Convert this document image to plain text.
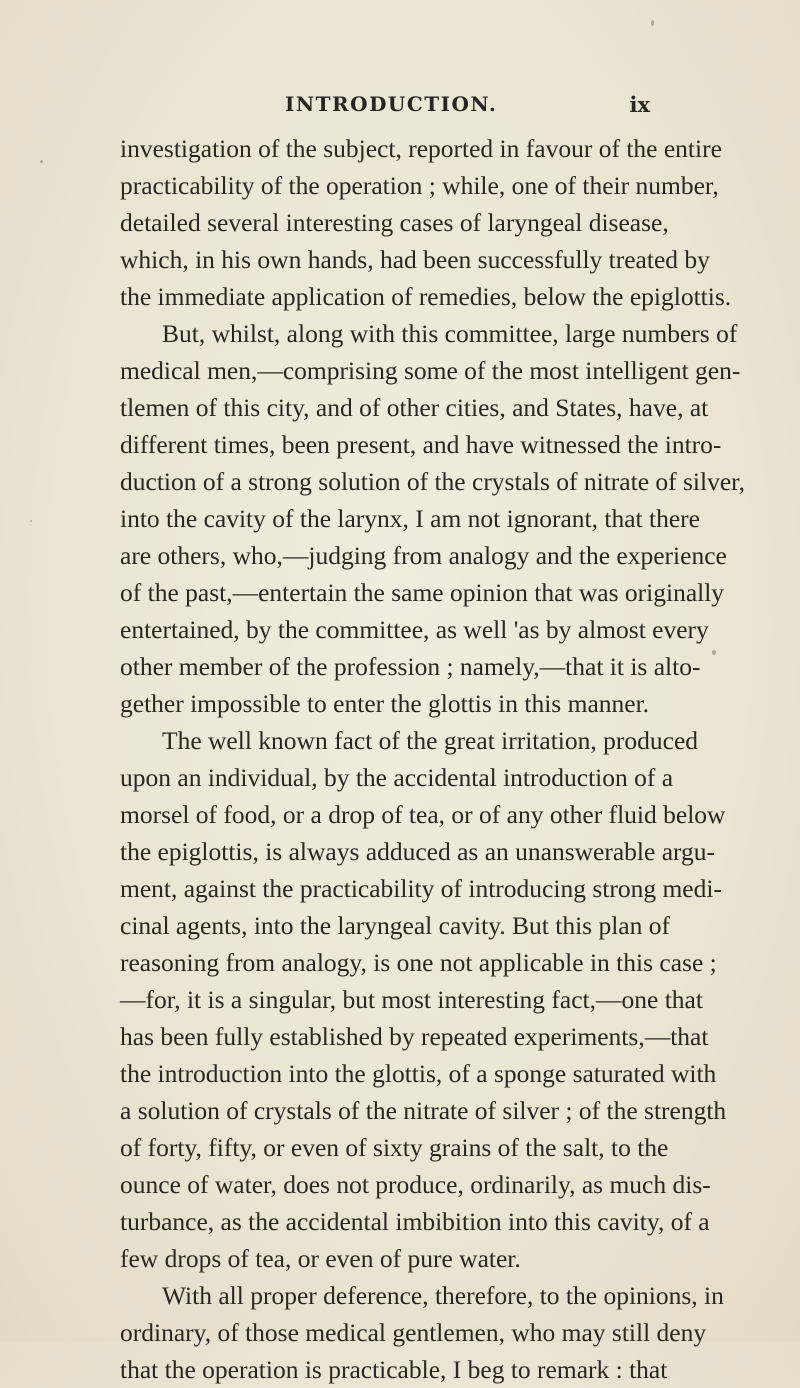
INTRODUCTION.	ix
investigation of the subject, reported in favour of the entire
practicability of the operation ; while, one of their number,
detailed several interesting cases of laryngeal disease,
which, in his own hands, had been successfully treated by
the immediate application of remedies, below the epiglottis.
But, whilst, along with this committee, large numbers of
medical men,—comprising some of the most intelligent gen-
tlemen of this city, and of other cities, and States, have, at
different times, been present, and have witnessed the intro-
duction of a strong solution of the crystals of nitrate of silver,
into the cavity of the larynx, I am not ignorant, that there
are others, who,—judging from analogy and the experience
of the past,—entertain the same opinion that was originally
entertained, by the committee, as well 'as by almost every
other member of the profession ; namely,—that it is alto-
gether impossible to enter the glottis in this manner.
The well known fact of the great irritation, produced
upon an individual, by the accidental introduction of a
morsel of food, or a drop of tea, or of any other fluid below
the epiglottis, is always adduced as an unanswerable argu-
ment, against the practicability of introducing strong medi-
cinal agents, into the laryngeal cavity. But this plan of
reasoning from analogy, is one not applicable in this case ;
—for, it is a singular, but most interesting fact,—one that
has been fully established by repeated experiments,—that
the introduction into the glottis, of a sponge saturated with
a solution of crystals of the nitrate of silver ; of the strength
of forty, fifty, or even of sixty grains of the salt, to the
ounce of water, does not produce, ordinarily, as much dis-
turbance, as the accidental imbibition into this cavity, of a
few drops of tea, or even of pure water.
With all proper deference, therefore, to the opinions, in
ordinary, of those medical gentlemen, who may still deny
that the operation is practicable, I beg to remark : that
